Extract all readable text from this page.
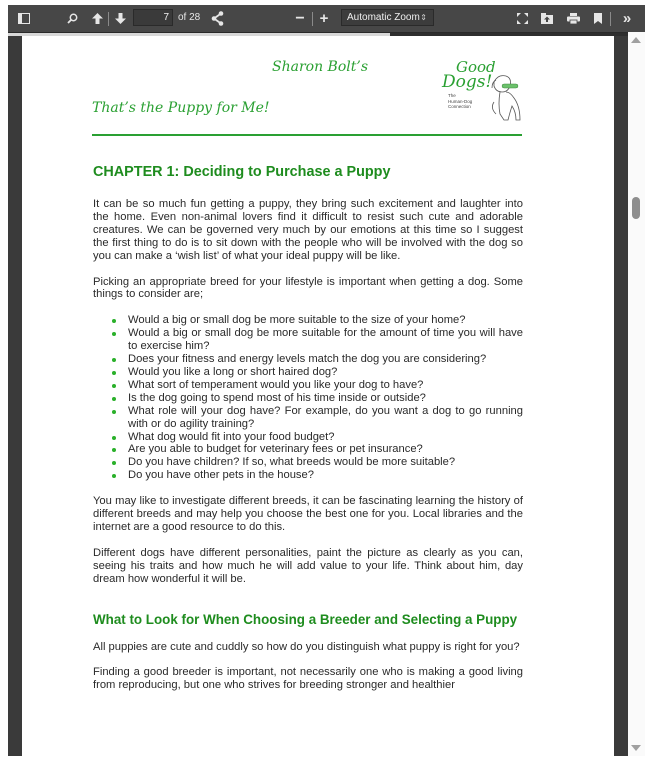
7 of 28	− +	Automatic Zoom ⇕	»
Sharon Bolt’s
That’s the Puppy for Me!
Good
Dogs!
The
Human-Dog
Connection
CHAPTER 1: Deciding to Purchase a Puppy

It can be so much fun getting a puppy, they bring such excitement and laughter into the home. Even non-animal lovers find it difficult to resist such cute and adorable creatures. We can be governed very much by our emotions at this time so I suggest the first thing to do is to sit down with the people who will be involved with the dog so you can make a ‘wish list’ of what your ideal puppy will be like.

Picking an appropriate breed for your lifestyle is important when getting a dog. Some things to consider are;

Would a big or small dog be more suitable to the size of your home?
Would a big or small dog be more suitable for the amount of time you will have to exercise him?
Does your fitness and energy levels match the dog you are considering?
Would you like a long or short haired dog?
What sort of temperament would you like your dog to have?
Is the dog going to spend most of his time inside or outside?
What role will your dog have? For example, do you want a dog to go running with or do agility training?
What dog would fit into your food budget?
Are you able to budget for veterinary fees or pet insurance?
Do you have children? If so, what breeds would be more suitable?
Do you have other pets in the house?

You may like to investigate different breeds, it can be fascinating learning the history of different breeds and may help you choose the best one for you. Local libraries and the internet are a good resource to do this.

Different dogs have different personalities, paint the picture as clearly as you can, seeing his traits and how much he will add value to your life. Think about him, day dream how wonderful it will be.

What to Look for When Choosing a Breeder and Selecting a Puppy

All puppies are cute and cuddly so how do you distinguish what puppy is right for you?

Finding a good breeder is important, not necessarily one who is making a good living from reproducing, but one who strives for breeding stronger and healthier
